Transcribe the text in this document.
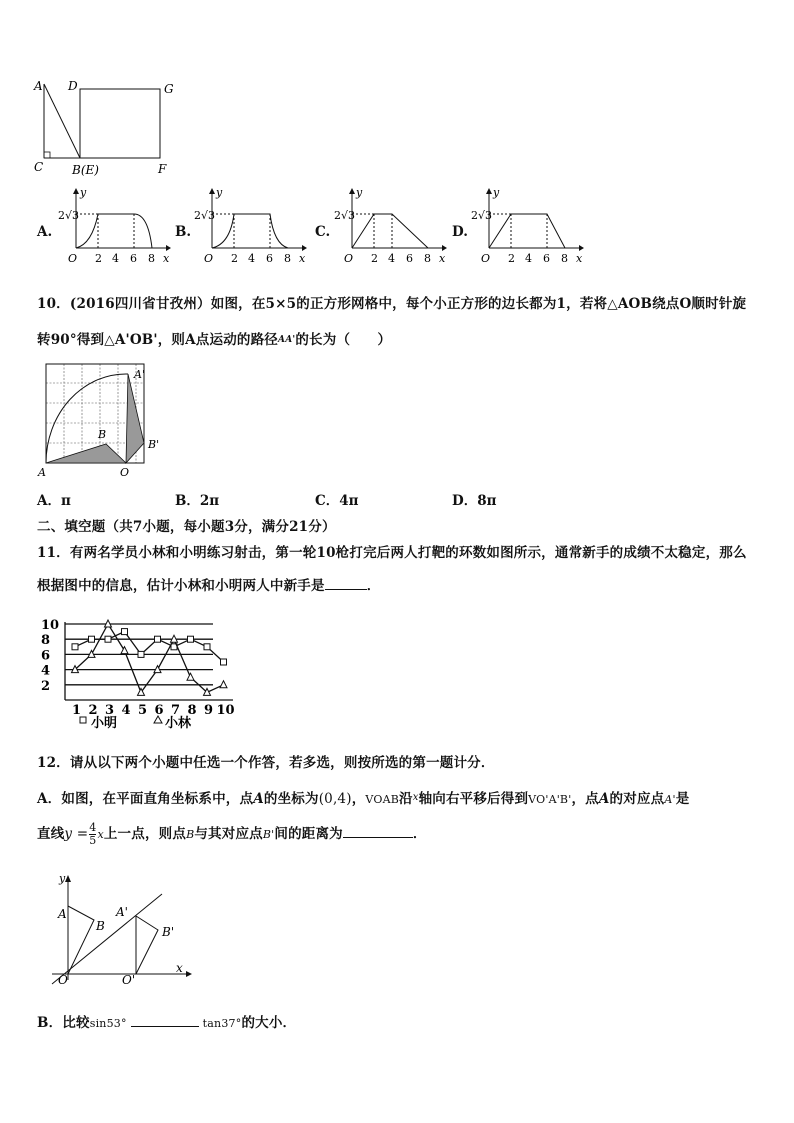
A D	G
C B(E)	F
A.
y
O	x
2√3
2 4 6 8
B.
y
O	x
2√3
2 4 6 8
C.
y
O	x
2√3
2 4 6 8
D.
y
O	x
2√3
2 4 6 8
10．(2016四川省甘孜州）如图，在5×5的正方形网格中，每个小正方形的边长都为1，若将△AOB绕点O顺时针旋
转90°得到△A'OB'，则A点运动的路径AA'的长为（　　）
A'
B
B'
A	O
A．π	B．2π	C．4π	D．8π
二、填空题（共7小题，每小题3分，满分21分）
11．有两名学员小林和小明练习射击，第一轮10枪打完后两人打靶的环数如图所示，通常新手的成绩不太稳定，那么
根据图中的信息，估计小林和小明两人中新手是	．
2
4
6
8
10
1 2 3 4 5 6 7 8 9 10
小明	小林
12．请从以下两个小题中任选一个作答，若多选，则按所选的第一题计分．
A．如图，在平面直角坐标系中，点A的坐标为(0,4)，VOAB沿x轴向右平移后得到VO'A'B'，点A的对应点A'是
直线$y = \frac{4}{5}$ x上一点，则点B与其对应点B'间的距离为	．
y
A
B
A'
B'
O	O'
x
B．比较sin53°	tan37°的大小．
